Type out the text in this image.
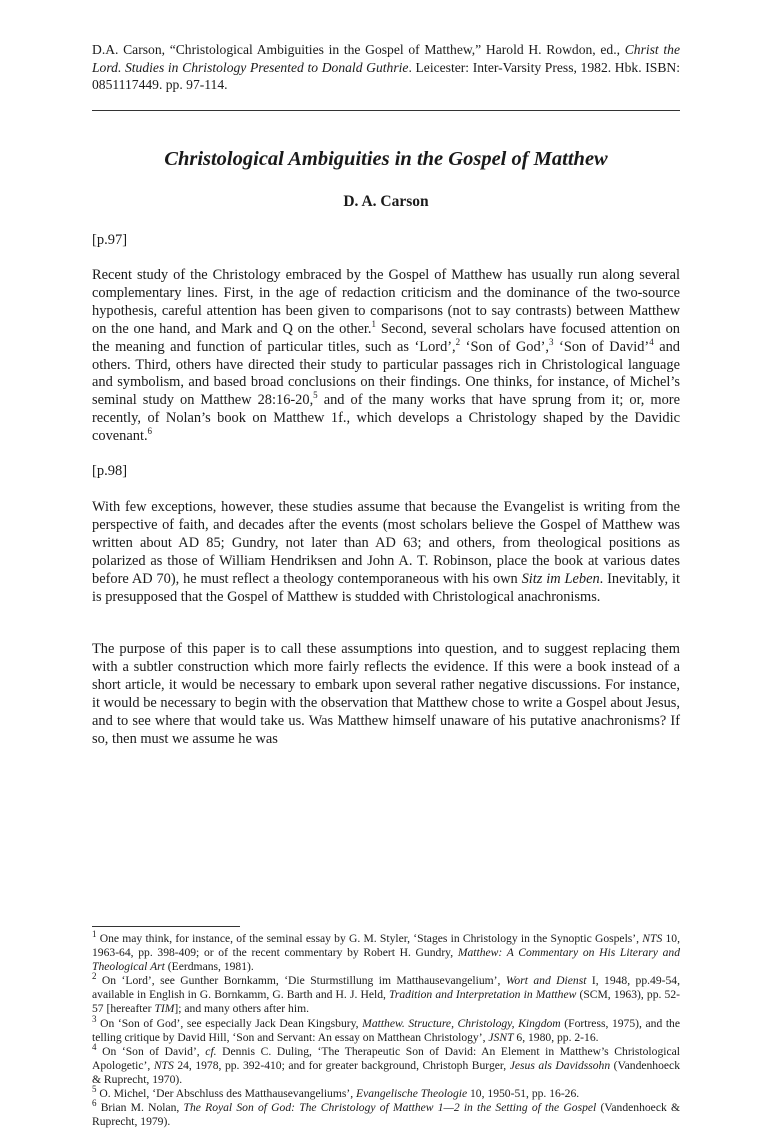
D.A. Carson, “Christological Ambiguities in the Gospel of Matthew,” Harold H. Rowdon, ed., Christ the Lord. Studies in Christology Presented to Donald Guthrie. Leicester: Inter-Varsity Press, 1982. Hbk. ISBN: 0851117449. pp. 97-114.
Christological Ambiguities in the Gospel of Matthew
D. A. Carson
[p.97]
Recent study of the Christology embraced by the Gospel of Matthew has usually run along several complementary lines. First, in the age of redaction criticism and the dominance of the two-source hypothesis, careful attention has been given to comparisons (not to say contrasts) between Matthew on the one hand, and Mark and Q on the other.$^1$ Second, several scholars have focused attention on the meaning and function of particular titles, such as ‘Lord’,$^2$ ‘Son of God’,$^3$ ‘Son of David’$^4$ and others. Third, others have directed their study to particular passages rich in Christological language and symbolism, and based broad conclusions on their findings. One thinks, for instance, of Michel’s seminal study on Matthew 28:16-20,$^5$ and of the many works that have sprung from it; or, more recently, of Nolan’s book on Matthew 1f., which develops a Christology shaped by the Davidic covenant.$^6$
[p.98]
With few exceptions, however, these studies assume that because the Evangelist is writing from the perspective of faith, and decades after the events (most scholars believe the Gospel of Matthew was written about AD 85; Gundry, not later than AD 63; and others, from theological positions as polarized as those of William Hendriksen and John A. T. Robinson, place the book at various dates before AD 70), he must reflect a theology contemporaneous with his own Sitz im Leben. Inevitably, it is presupposed that the Gospel of Matthew is studded with Christological anachronisms.
The purpose of this paper is to call these assumptions into question, and to suggest replacing them with a subtler construction which more fairly reflects the evidence. If this were a book instead of a short article, it would be necessary to embark upon several rather negative discussions. For instance, it would be necessary to begin with the observation that Matthew chose to write a Gospel about Jesus, and to see where that would take us. Was Matthew himself unaware of his putative anachronisms? If so, then must we assume he was

$^1$ One may think, for instance, of the seminal essay by G. M. Styler, ‘Stages in Christology in the Synoptic Gospels’, NTS 10, 1963-64, pp. 398-409; or of the recent commentary by Robert H. Gundry, Matthew: A Commentary on His Literary and Theological Art (Eerdmans, 1981).

$^2$ On ‘Lord’, see Gunther Bornkamm, ‘Die Sturmstillung im Matthausevangelium’, Wort and Dienst I, 1948, pp.49-54, available in English in G. Bornkamm, G. Barth and H. J. Held, Tradition and Interpretation in Matthew (SCM, 1963), pp. 52-57 [hereafter TIM]; and many others after him.

$^3$ On ‘Son of God’, see especially Jack Dean Kingsbury, Matthew. Structure, Christology, Kingdom (Fortress, 1975), and the telling critique by David Hill, ‘Son and Servant: An essay on Matthean Christology’, JSNT 6, 1980, pp. 2-16.

$^4$ On ‘Son of David’, cf. Dennis C. Duling, ‘The Therapeutic Son of David: An Element in Matthew’s Christological Apologetic’, NTS 24, 1978, pp. 392-410; and for greater background, Christoph Burger, Jesus als Davidssohn (Vandenhoeck & Ruprecht, 1970).

$^5$ O. Michel, ‘Der Abschluss des Matthausevangeliums’, Evangelische Theologie 10, 1950-51, pp. 16-26.

$^6$ Brian M. Nolan, The Royal Son of God: The Christology of Matthew 1—2 in the Setting of the Gospel (Vandenhoeck & Ruprecht, 1979).
